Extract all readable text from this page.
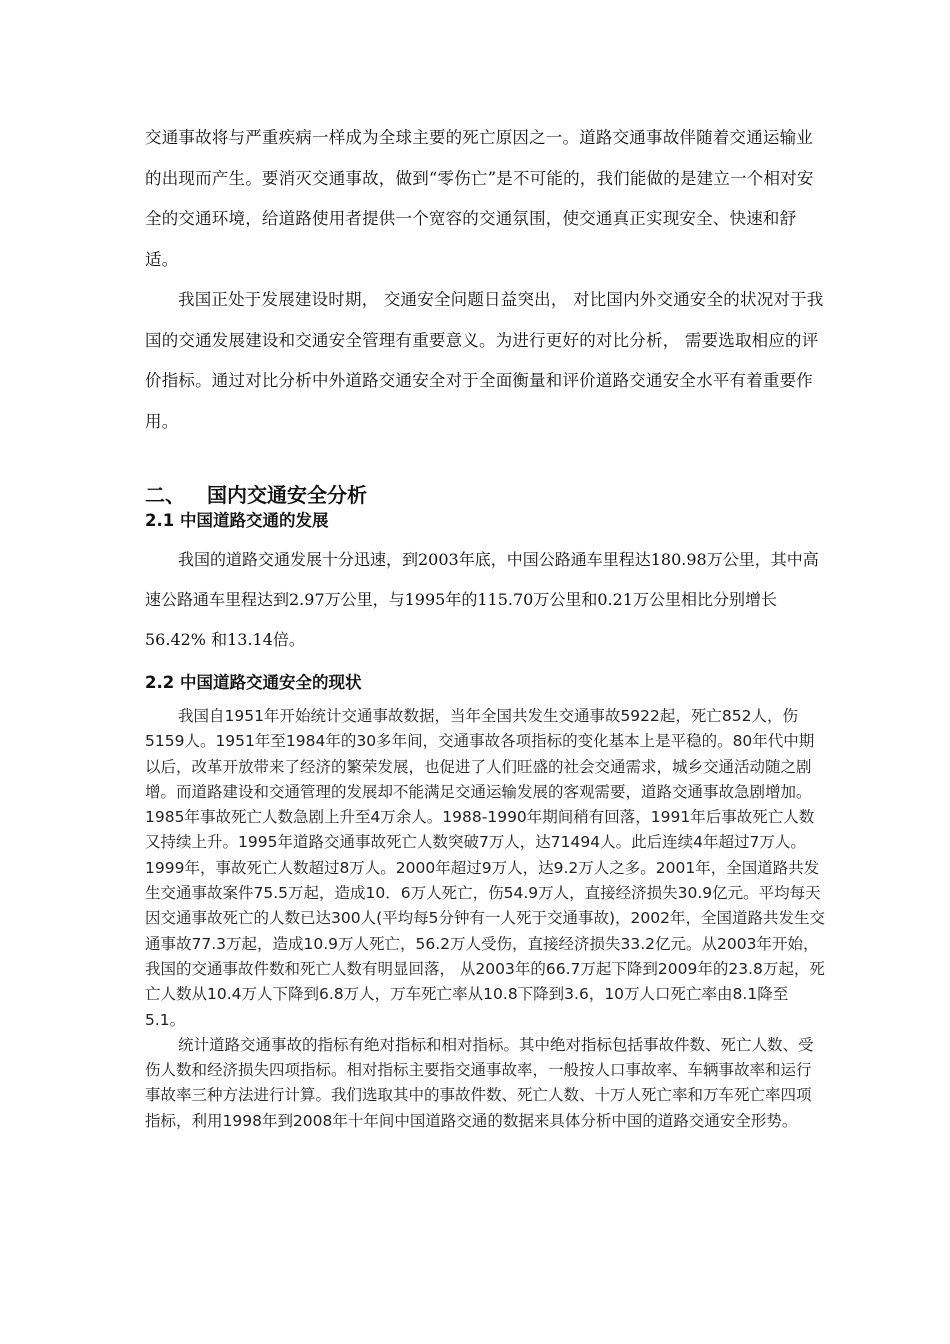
交通事故将与严重疾病一样成为全球主要的死亡原因之一。道路交通事故伴随着交通运输业的出现而产生。要消灭交通事故，做到“零伤亡”是不可能的，我们能做的是建立一个相对安全的交通环境，给道路使用者提供一个宽容的交通氛围，使交通真正实现安全、快速和舒适。

我国正处于发展建设时期， 交通安全问题日益突出， 对比国内外交通安全的状况对于我国的交通发展建设和交通安全管理有重要意义。为进行更好的对比分析， 需要选取相应的评价指标。通过对比分析中外道路交通安全对于全面衡量和评价道路交通安全水平有着重要作用。

二、 国内交通安全分析
2.1 中国道路交通的发展

我国的道路交通发展十分迅速，到2003年底，中国公路通车里程达180.98万公里，其中高速公路通车里程达到2.97万公里，与1995年的115.70万公里和0.21万公里相比分别增长56.42% 和13.14倍。

2.2 中国道路交通安全的现状

我国自1951年开始统计交通事故数据，当年全国共发生交通事故5922起，死亡852人，伤5159人。1951年至1984年的30多年间，交通事故各项指标的变化基本上是平稳的。80年代中期以后，改革开放带来了经济的繁荣发展，也促进了人们旺盛的社会交通需求，城乡交通活动随之剧增。而道路建设和交通管理的发展却不能满足交通运输发展的客观需要，道路交通事故急剧增加。1985年事故死亡人数急剧上升至4万余人。1988-1990年期间稍有回落，1991年后事故死亡人数又持续上升。1995年道路交通事故死亡人数突破7万人，达71494人。此后连续4年超过7万人。1999年，事故死亡人数超过8万人。2000年超过9万人，达9.2万人之多。2001年，全国道路共发生交通事故案件75.5万起，造成10．6万人死亡，伤54.9万人，直接经济损失30.9亿元。平均每天因交通事故死亡的人数已达300人(平均每5分钟有一人死于交通事故)，2002年，全国道路共发生交通事故77.3万起，造成10.9万人死亡，56.2万人受伤，直接经济损失33.2亿元。从2003年开始，我国的交通事故件数和死亡人数有明显回落， 从2003年的66.7万起下降到2009年的23.8万起，死亡人数从10.4万人下降到6.8万人，万车死亡率从10.8下降到3.6，10万人口死亡率由8.1降至5.1。

统计道路交通事故的指标有绝对指标和相对指标。其中绝对指标包括事故件数、死亡人数、受伤人数和经济损失四项指标。相对指标主要指交通事故率，一般按人口事故率、车辆事故率和运行事故率三种方法进行计算。我们选取其中的事故件数、死亡人数、十万人死亡率和万车死亡率四项指标，利用1998年到2008年十年间中国道路交通的数据来具体分析中国的道路交通安全形势。
